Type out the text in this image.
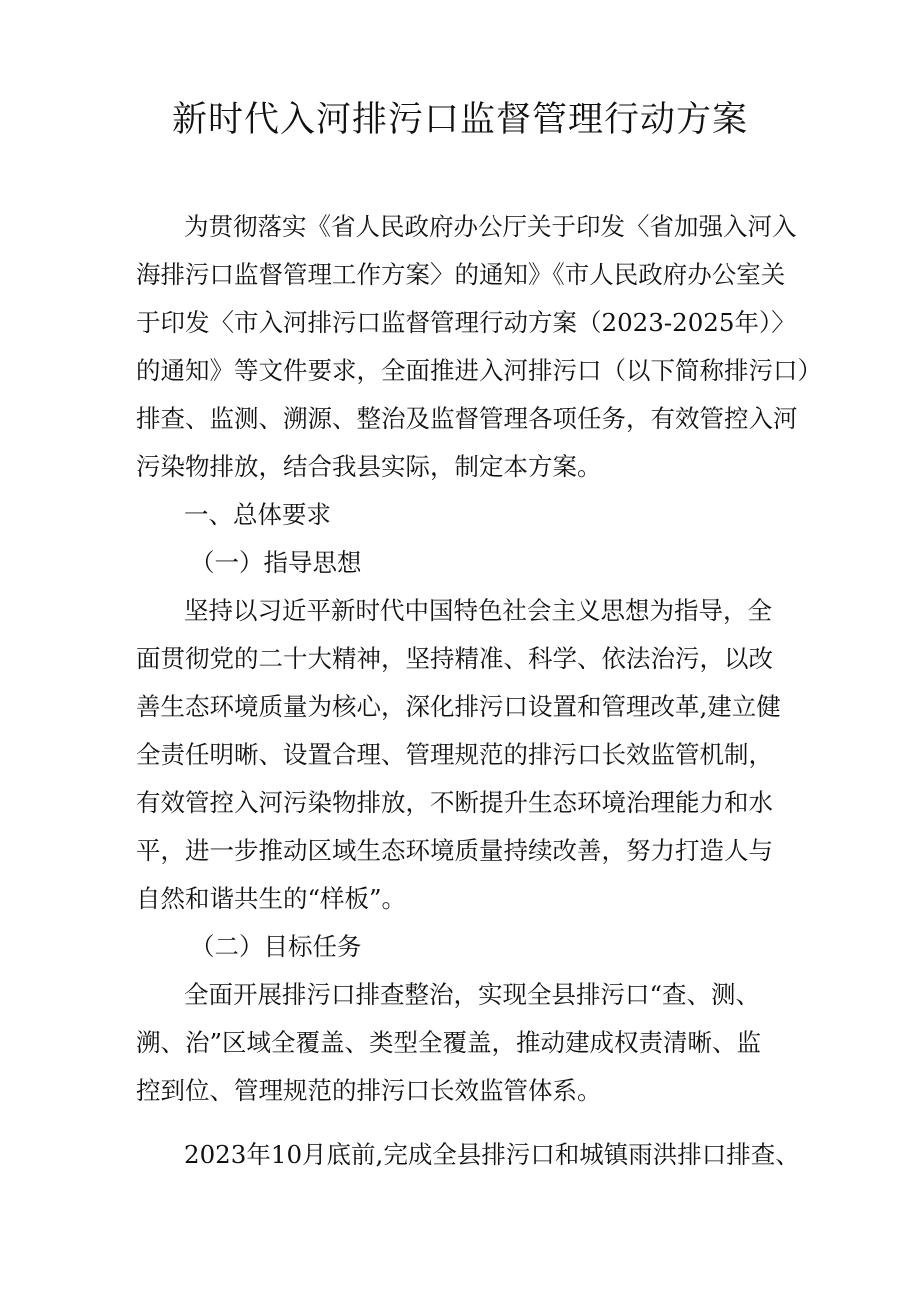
新时代入河排污口监督管理行动方案
为贯彻落实《省人民政府办公厅关于印发〈省加强入河入
海排污口监督管理工作方案〉的通知》《市人民政府办公室关
于印发〈市入河排污口监督管理行动方案（2023-2025年）〉
的通知》等文件要求，全面推进入河排污口（以下简称排污口）
排查、监测、溯源、整治及监督管理各项任务，有效管控入河
污染物排放，结合我县实际，制定本方案。
一、总体要求
（一）指导思想
坚持以习近平新时代中国特色社会主义思想为指导，全
面贯彻党的二十大精神，坚持精准、科学、依法治污，以改
善生态环境质量为核心，深化排污口设置和管理改革,建立健
全责任明晰、设置合理、管理规范的排污口长效监管机制，
有效管控入河污染物排放，不断提升生态环境治理能力和水
平，进一步推动区域生态环境质量持续改善，努力打造人与
自然和谐共生的“样板”。
（二）目标任务
全面开展排污口排查整治，实现全县排污口“查、测、
溯、治”区域全覆盖、类型全覆盖，推动建成权责清晰、监
控到位、管理规范的排污口长效监管体系。
2023年10月底前,完成全县排污口和城镇雨洪排口排查、
